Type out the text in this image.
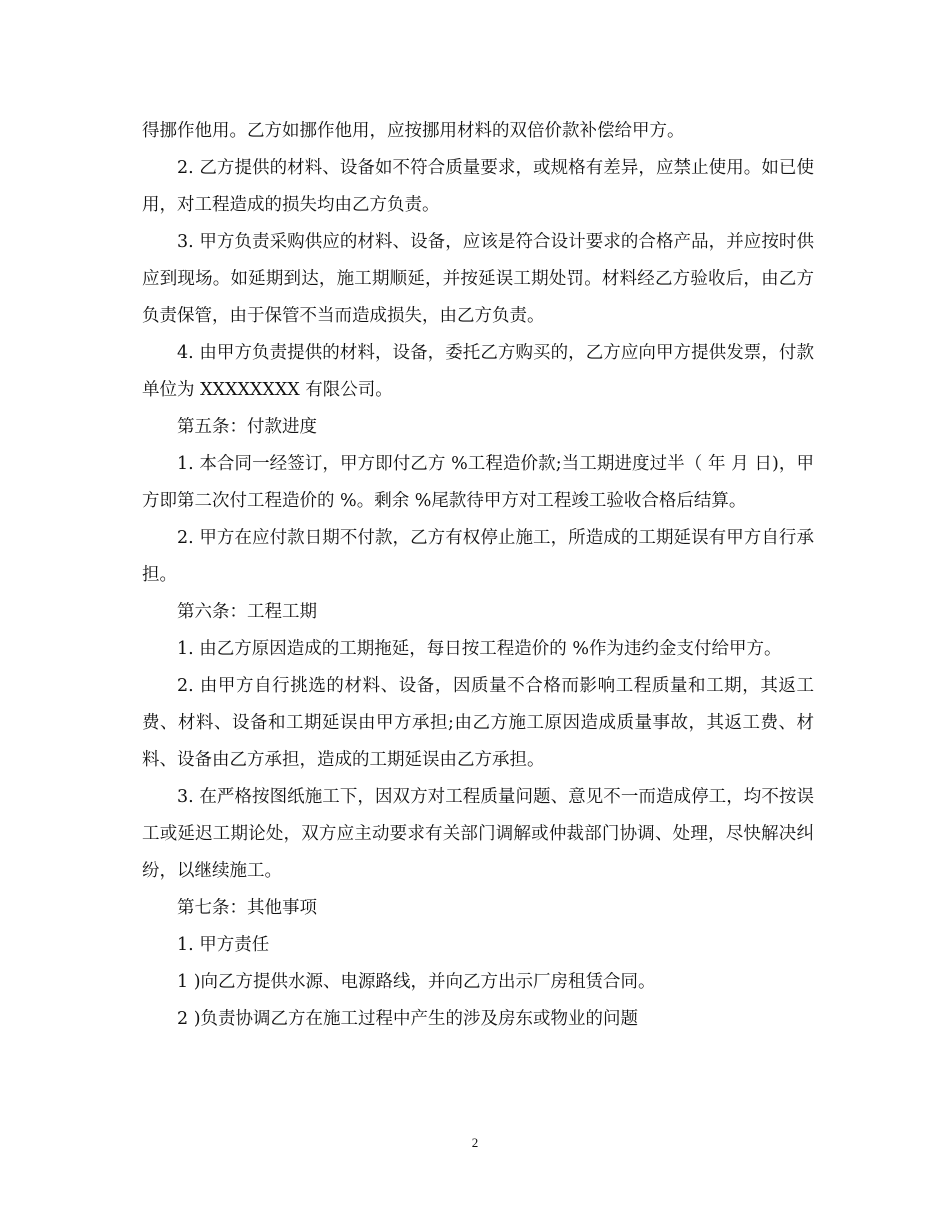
得挪作他用。乙方如挪作他用，应按挪用材料的双倍价款补偿给甲方。

2. 乙方提供的材料、设备如不符合质量要求，或规格有差异，应禁止使用。如已使用，对工程造成的损失均由乙方负责。

3. 甲方负责采购供应的材料、设备，应该是符合设计要求的合格产品，并应按时供应到现场。如延期到达，施工期顺延，并按延误工期处罚。材料经乙方验收后，由乙方负责保管，由于保管不当而造成损失，由乙方负责。

4. 由甲方负责提供的材料，设备，委托乙方购买的，乙方应向甲方提供发票，付款单位为 XXXXXXXX 有限公司。

第五条：付款进度

1. 本合同一经签订，甲方即付乙方 %工程造价款;当工期进度过半（ 年 月 日)，甲方即第二次付工程造价的 %。剩余 %尾款待甲方对工程竣工验收合格后结算。

2. 甲方在应付款日期不付款，乙方有权停止施工，所造成的工期延误有甲方自行承担。

第六条：工程工期

1. 由乙方原因造成的工期拖延，每日按工程造价的 %作为违约金支付给甲方。

2. 由甲方自行挑选的材料、设备，因质量不合格而影响工程质量和工期，其返工费、材料、设备和工期延误由甲方承担;由乙方施工原因造成质量事故，其返工费、材料、设备由乙方承担，造成的工期延误由乙方承担。

3. 在严格按图纸施工下，因双方对工程质量问题、意见不一而造成停工，均不按误工或延迟工期论处，双方应主动要求有关部门调解或仲裁部门协调、处理，尽快解决纠纷，以继续施工。

第七条：其他事项

1. 甲方责任

1 )向乙方提供水源、电源路线，并向乙方出示厂房租赁合同。

2 )负责协调乙方在施工过程中产生的涉及房东或物业的问题

2
